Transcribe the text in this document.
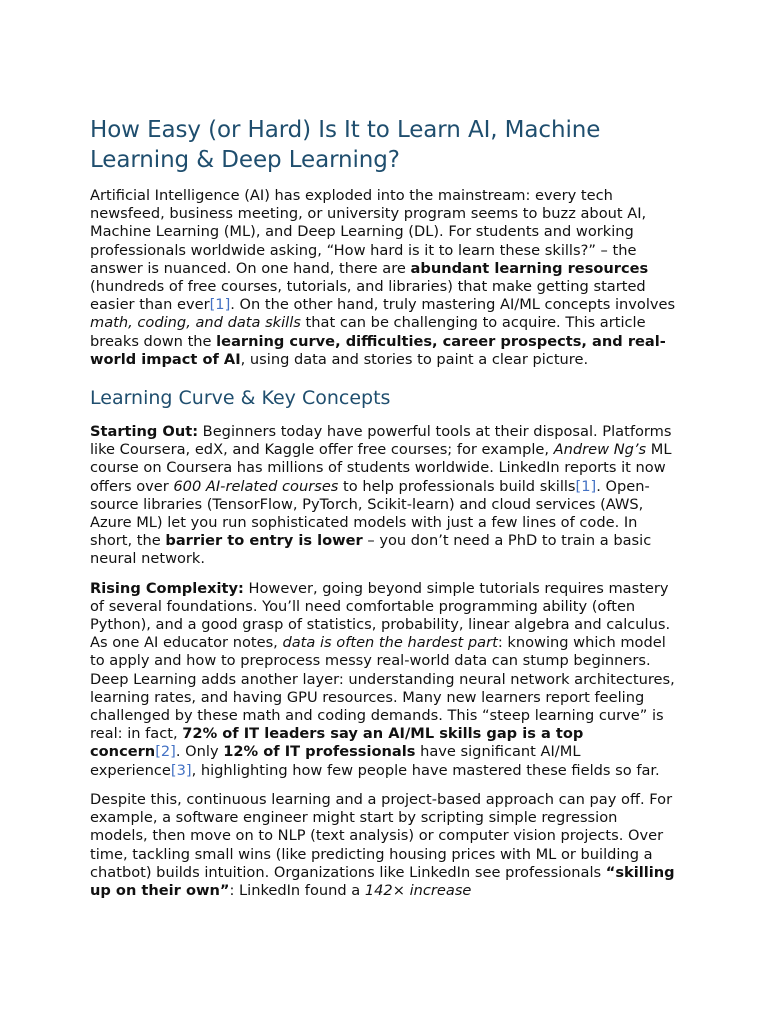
How Easy (or Hard) Is It to Learn AI, Machine Learning & Deep Learning?

Artificial Intelligence (AI) has exploded into the mainstream: every tech newsfeed, business meeting, or university program seems to buzz about AI, Machine Learning (ML), and Deep Learning (DL). For students and working professionals worldwide asking, “How hard is it to learn these skills?” – the answer is nuanced. On one hand, there are abundant learning resources (hundreds of free courses, tutorials, and libraries) that make getting started easier than ever[1]. On the other hand, truly mastering AI/ML concepts involves math, coding, and data skills that can be challenging to acquire. This article breaks down the learning curve, difficulties, career prospects, and real-world impact of AI, using data and stories to paint a clear picture.

Learning Curve & Key Concepts

Starting Out: Beginners today have powerful tools at their disposal. Platforms like Coursera, edX, and Kaggle offer free courses; for example, Andrew Ng’s ML course on Coursera has millions of students worldwide. LinkedIn reports it now offers over 600 AI-related courses to help professionals build skills[1]. Open-source libraries (TensorFlow, PyTorch, Scikit-learn) and cloud services (AWS, Azure ML) let you run sophisticated models with just a few lines of code. In short, the barrier to entry is lower – you don’t need a PhD to train a basic neural network.

Rising Complexity: However, going beyond simple tutorials requires mastery of several foundations. You’ll need comfortable programming ability (often Python), and a good grasp of statistics, probability, linear algebra and calculus. As one AI educator notes, data is often the hardest part: knowing which model to apply and how to preprocess messy real-world data can stump beginners. Deep Learning adds another layer: understanding neural network architectures, learning rates, and having GPU resources. Many new learners report feeling challenged by these math and coding demands. This “steep learning curve” is real: in fact, 72% of IT leaders say an AI/ML skills gap is a top concern[2]. Only 12% of IT professionals have significant AI/ML experience[3], highlighting how few people have mastered these fields so far.

Despite this, continuous learning and a project-based approach can pay off. For example, a software engineer might start by scripting simple regression models, then move on to NLP (text analysis) or computer vision projects. Over time, tackling small wins (like predicting housing prices with ML or building a chatbot) builds intuition. Organizations like LinkedIn see professionals “skilling up on their own”: LinkedIn found a 142× increase
